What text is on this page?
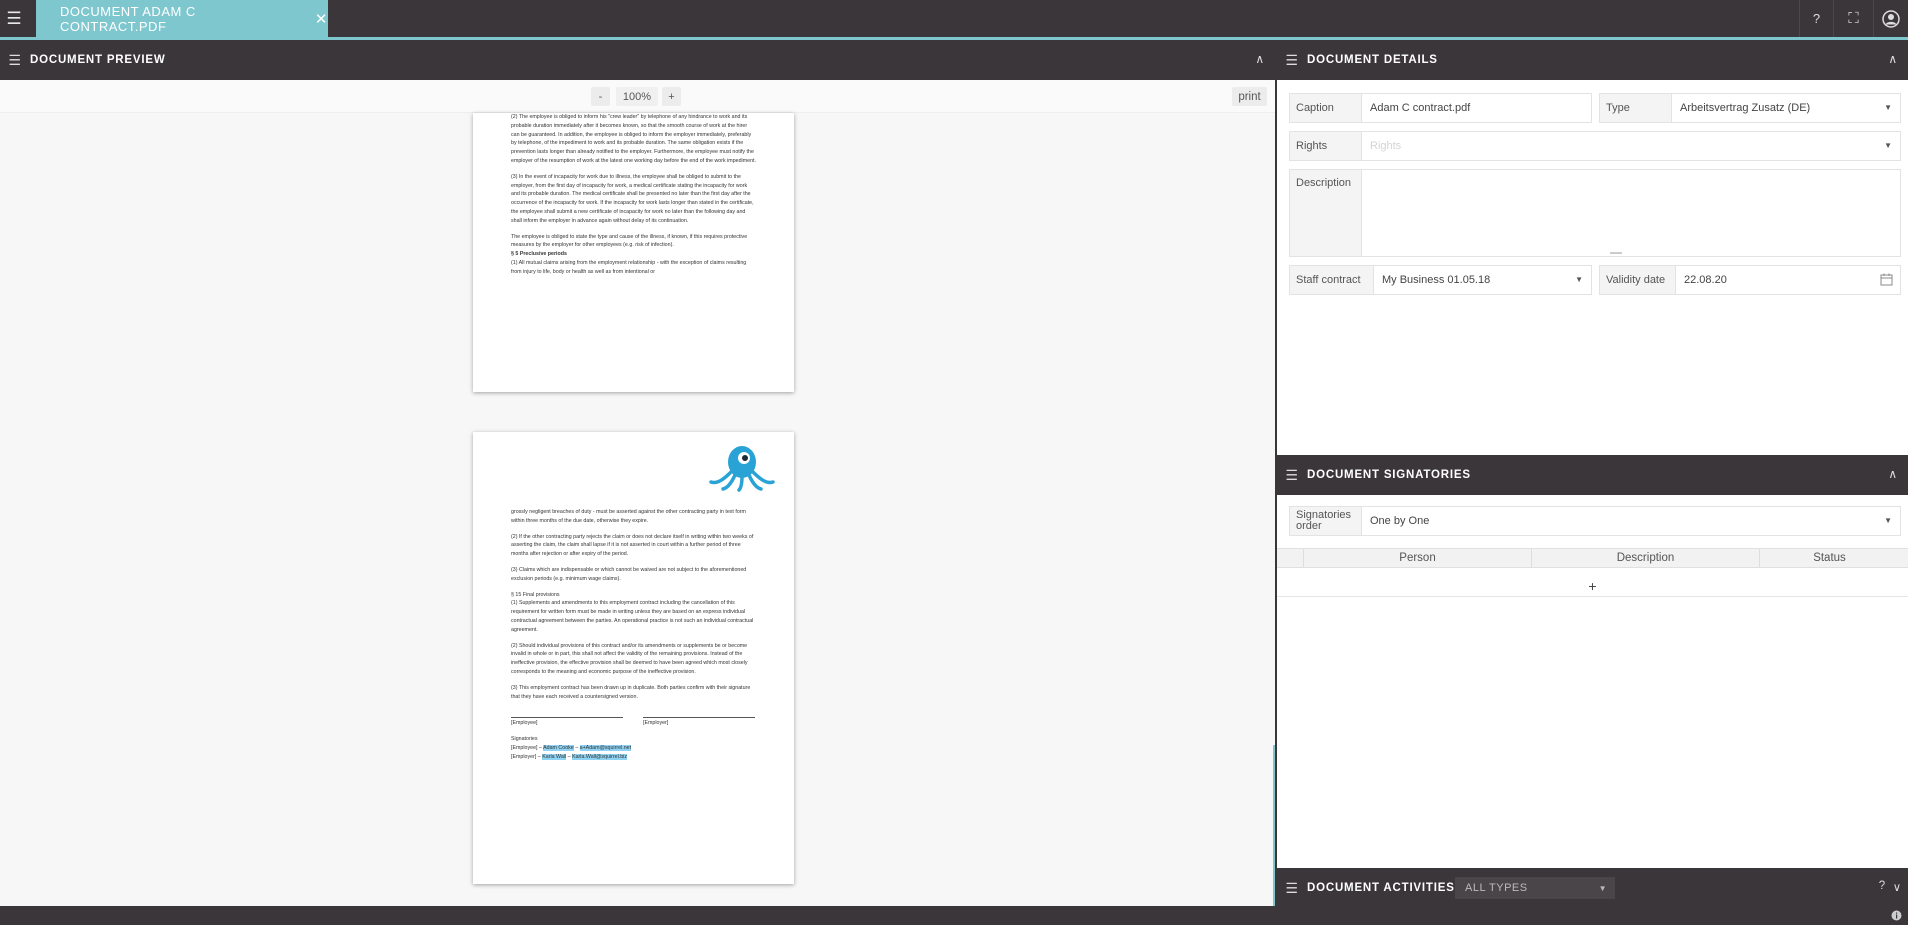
☰	DOCUMENT ADAM C CONTRACT.PDF	✕	?	⛶
☰ DOCUMENT PREVIEW	∧
-	100%	+	print

(2) The employee is obliged to inform his "crew leader" by telephone of any hindrance to work and its probable duration immediately after it becomes known, so that the smooth course of work at the hirer can be guaranteed. In addition, the employee is obliged to inform the employer immediately, preferably by telephone, of the impediment to work and its probable duration. The same obligation exists if the prevention lasts longer than already notified to the employer. Furthermore, the employee must notify the employer of the resumption of work at the latest one working day before the end of the work impediment.

(3) In the event of incapacity for work due to illness, the employee shall be obliged to submit to the employer, from the first day of incapacity for work, a medical certificate stating the incapacity for work and its probable duration. The medical certificate shall be presented no later than the first day after the occurrence of the incapacity for work. If the incapacity for work lasts longer than stated in the certificate, the employee shall submit a new certificate of incapacity for work no later than the following day and shall inform the employer in advance again without delay of its continuation.

The employee is obliged to state the type and cause of the illness, if known, if this requires protective measures by the employer for other employees (e.g. risk of infection).

§ 5 Preclusive periods
(1) All mutual claims arising from the employment relationship - with the exception of claims resulting from injury to life, body or health as well as from intentional or

grossly negligent breaches of duty - must be asserted against the other contracting party in text form within three months of the due date, otherwise they expire.

(2) If the other contracting party rejects the claim or does not declare itself in writing within two weeks of asserting the claim, the claim shall lapse if it is not asserted in court within a further period of three months after rejection or after expiry of the period.

(3) Claims which are indispensable or which cannot be waived are not subject to the aforementioned exclusion periods (e.g. minimum wage claims).

§ 15 Final provisions

(1) Supplements and amendments to this employment contract including the cancellation of this requirement for written form must be made in writing unless they are based on an express individual contractual agreement between the parties. An operational practice is not such an individual contractual agreement.

(2) Should individual provisions of this contract and/or its amendments or supplements be or become invalid in whole or in part, this shall not affect the validity of the remaining provisions. Instead of the ineffective provision, the effective provision shall be deemed to have been agreed which most closely corresponds to the meaning and economic purpose of the ineffective provision.

(3) This employment contract has been drawn up in duplicate. Both parties confirm with their signature that they have each received a countersigned version.

[Employee]	[Employer]
Signatories
[Employee] – Adam Cooke – a+Adam@squirrel.net
[Employer] – Karla Wall – Karla.Wall@squirrel.biz
☰ DOCUMENT DETAILS	∧
Caption	Adam C contract.pdf	Type	Arbeitsvertrag Zusatz (DE)	▼
Rights	Rights	▼
Description
Staff contract	My Business 01.05.18	▼	Validity date	22.08.20
☰ DOCUMENT SIGNATORIES	∧
Signatories order	One by One	▼
Person	Description	Status
+
☰ DOCUMENT ACTIVITIES ALL TYPES	▼	? ∨
